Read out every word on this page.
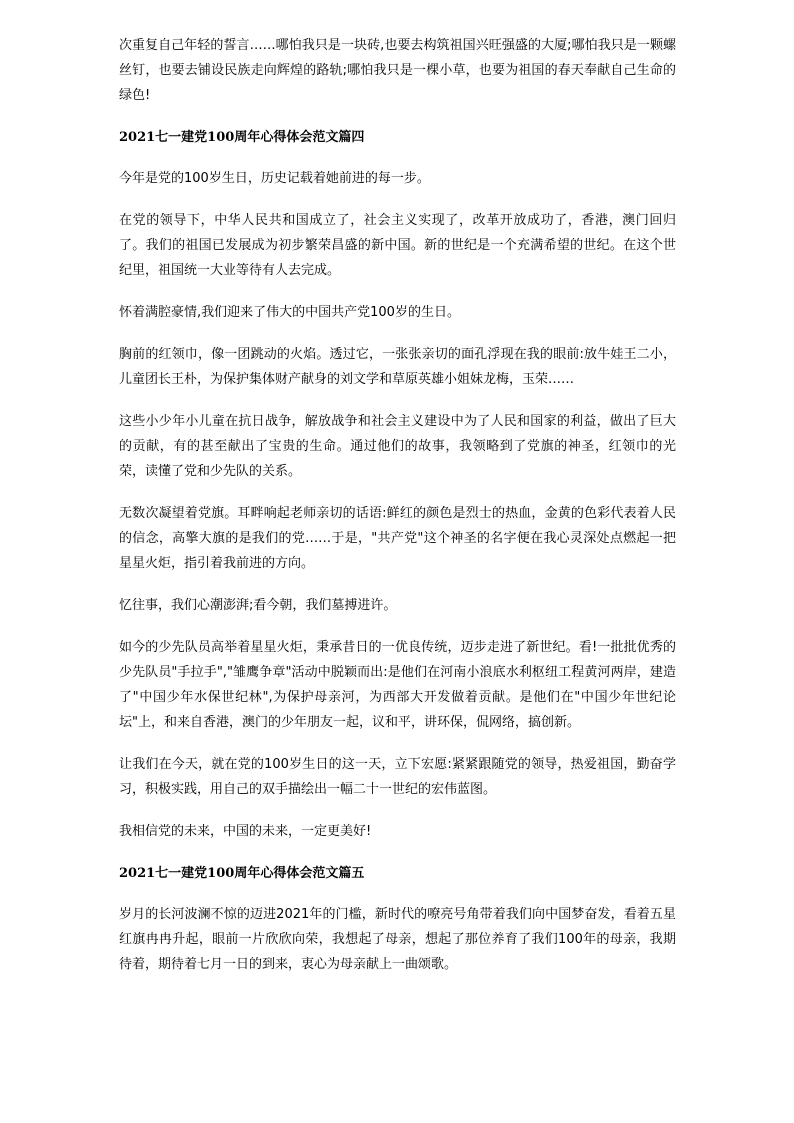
次重复自己年轻的誓言……哪怕我只是一块砖,也要去构筑祖国兴旺强盛的大厦;哪怕我只是一颗螺丝钉，也要去铺设民族走向辉煌的路轨;哪怕我只是一棵小草，也要为祖国的春天奉献自己生命的绿色!

2021七一建党100周年心得体会范文篇四

今年是党的100岁生日，历史记载着她前进的每一步。

在党的领导下，中华人民共和国成立了，社会主义实现了，改革开放成功了，香港，澳门回归了。我们的祖国已发展成为初步繁荣昌盛的新中国。新的世纪是一个充满希望的世纪。在这个世纪里，祖国统一大业等待有人去完成。

怀着满腔豪情,我们迎来了伟大的中国共产党100岁的生日。

胸前的红领巾，像一团跳动的火焰。透过它，一张张亲切的面孔浮现在我的眼前:放牛娃王二小，儿童团长王朴，为保护集体财产献身的刘文学和草原英雄小姐妹龙梅，玉荣……

这些小少年小儿童在抗日战争，解放战争和社会主义建设中为了人民和国家的利益，做出了巨大的贡献，有的甚至献出了宝贵的生命。通过他们的故事，我领略到了党旗的神圣，红领巾的光荣，读懂了党和少先队的关系。

无数次凝望着党旗。耳畔响起老师亲切的话语:鲜红的颜色是烈士的热血，金黄的色彩代表着人民的信念，高擎大旗的是我们的党……于是，"共产党"这个神圣的名字便在我心灵深处点燃起一把星星火炬，指引着我前进的方向。

忆往事，我们心潮澎湃;看今朝，我们墓搏进许。

如今的少先队员高举着星星火炬，秉承昔日的一优良传统，迈步走进了新世纪。看!一批批优秀的少先队员"手拉手","雏鹰争章"活动中脱颖而出:是他们在河南小浪底水利枢纽工程黄河两岸，建造了"中国少年水保世纪林",为保护母亲河，为西部大开发做着贡献。是他们在"中国少年世纪论坛"上，和来自香港，澳门的少年朋友一起，议和平，讲环保，侃网络，搞创新。

让我们在今天，就在党的100岁生日的这一天，立下宏愿:紧紧跟随党的领导，热爱祖国，勤奋学习，积极实践，用自己的双手描绘出一幅二十一世纪的宏伟蓝图。

我相信党的未来，中国的未来，一定更美好!

2021七一建党100周年心得体会范文篇五

岁月的长河波澜不惊的迈进2021年的门槛，新时代的嘹亮号角带着我们向中国梦奋发，看着五星红旗冉冉升起，眼前一片欣欣向荣，我想起了母亲，想起了那位养育了我们100年的母亲，我期待着，期待着七月一日的到来，衷心为母亲献上一曲颂歌。
